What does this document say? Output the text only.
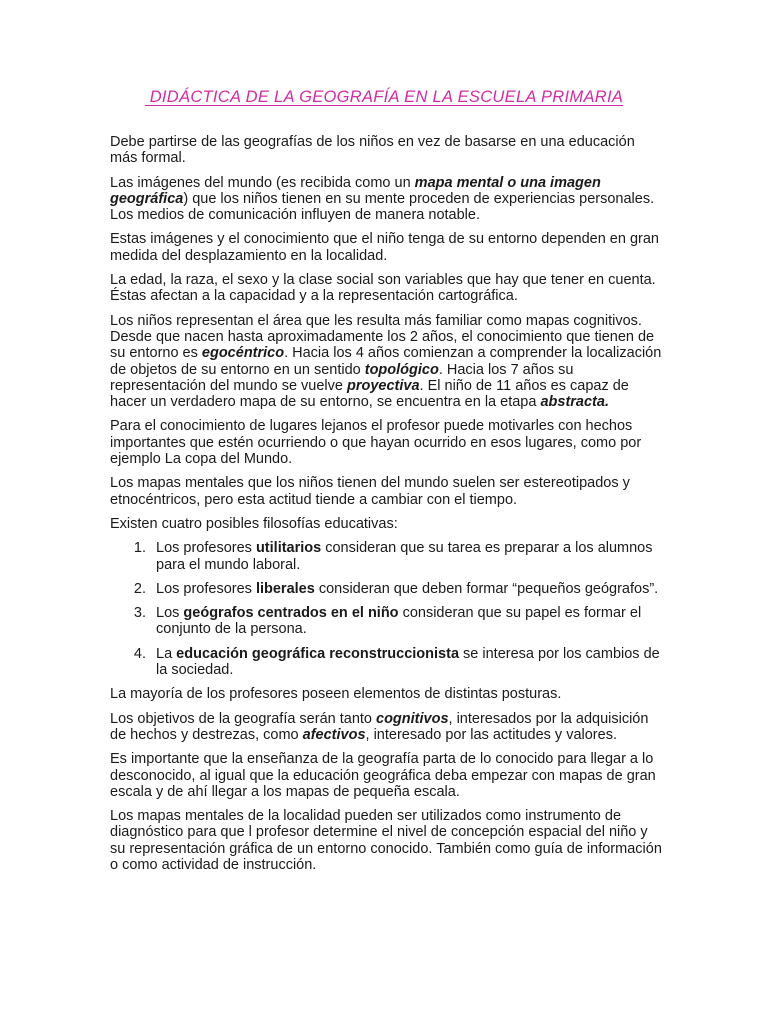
DIDÁCTICA DE LA GEOGRAFÍA EN LA ESCUELA PRIMARIA

Debe partirse de las geografías de los niños en vez de basarse en una educación más formal.

Las imágenes del mundo (es recibida como un mapa mental o una imagen geográfica) que los niños tienen en su mente proceden de experiencias personales. Los medios de comunicación influyen de manera notable.

Estas imágenes y el conocimiento que el niño tenga de su entorno dependen en gran medida del desplazamiento en la localidad.

La edad, la raza, el sexo y la clase social son variables que hay que tener en cuenta. Éstas afectan a la capacidad y a la representación cartográfica.

Los niños representan el área que les resulta más familiar como mapas cognitivos. Desde que nacen hasta aproximadamente los 2 años, el conocimiento que tienen de su entorno es egocéntrico. Hacia los 4 años comienzan a comprender la localización de objetos de su entorno en un sentido topológico. Hacia los 7 años su representación del mundo se vuelve proyectiva. El niño de 11 años es capaz de hacer un verdadero mapa de su entorno, se encuentra en la etapa abstracta.

Para el conocimiento de lugares lejanos el profesor puede motivarles con hechos importantes que estén ocurriendo o que hayan ocurrido en esos lugares, como por ejemplo La copa del Mundo.

Los mapas mentales que los niños tienen del mundo suelen ser estereotipados y etnocéntricos, pero esta actitud tiende a cambiar con el tiempo.

Existen cuatro posibles filosofías educativas:

1. Los profesores utilitarios consideran que su tarea es preparar a los alumnos para el mundo laboral.
2. Los profesores liberales consideran que deben formar “pequeños geógrafos”.
3. Los geógrafos centrados en el niño consideran que su papel es formar el conjunto de la persona.
4. La educación geográfica reconstruccionista se interesa por los cambios de la sociedad.

La mayoría de los profesores poseen elementos de distintas posturas.

Los objetivos de la geografía serán tanto cognitivos, interesados por la adquisición de hechos y destrezas, como afectivos, interesado por las actitudes y valores.

Es importante que la enseñanza de la geografía parta de lo conocido para llegar a lo desconocido, al igual que la educación geográfica deba empezar con mapas de gran escala y de ahí llegar a los mapas de pequeña escala.

Los mapas mentales de la localidad pueden ser utilizados como instrumento de diagnóstico para que l profesor determine el nivel de concepción espacial del niño y su representación gráfica de un entorno conocido. También como guía de información o como actividad de instrucción.
